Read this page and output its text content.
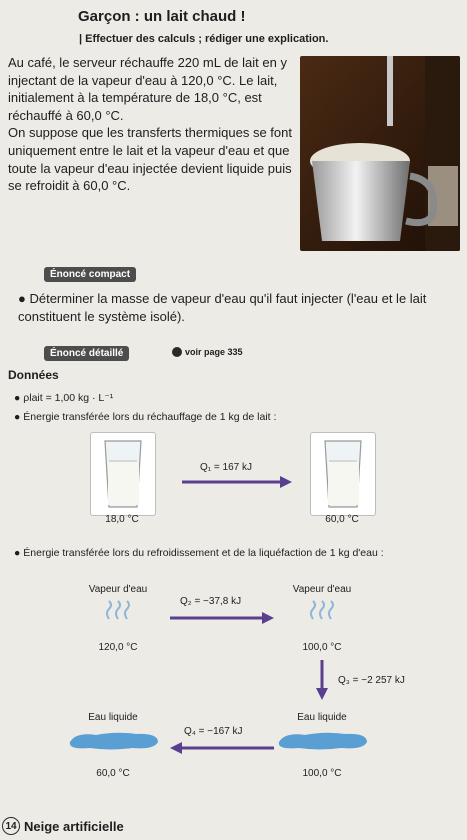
Garçon : un lait chaud !
| Effectuer des calculs ; rédiger une explication.
Au café, le serveur réchauffe 220 mL de lait en y injectant de la vapeur d'eau à 120,0 °C. Le lait, initialement à la température de 18,0 °C, est réchauffé à 60,0 °C.
On suppose que les transferts thermiques se font uniquement entre le lait et la vapeur d'eau et que toute la vapeur d'eau injectée devient liquide puis se refroidit à 60,0 °C.
Énoncé compact
● Déterminer la masse de vapeur d'eau qu'il faut injecter (l'eau et le lait constituent le système isolé).
Énoncé détaillé	voir page 335
Données
● ρlait = 1,00 kg · L⁻¹
● Énergie transférée lors du réchauffage de 1 kg de lait :
18,0 °C
Q₁ = 167 kJ
60,0 °C
● Énergie transférée lors du refroidissement et de la liquéfaction de 1 kg d'eau :
Vapeur d'eau
120,0 °C
Q₂ = −37,8 kJ
Vapeur d'eau
100,0 °C
Q₃ = −2 257 kJ
Eau liquide
60,0 °C
Q₄ = −167 kJ
Eau liquide
100,0 °C
14 Neige artificielle
